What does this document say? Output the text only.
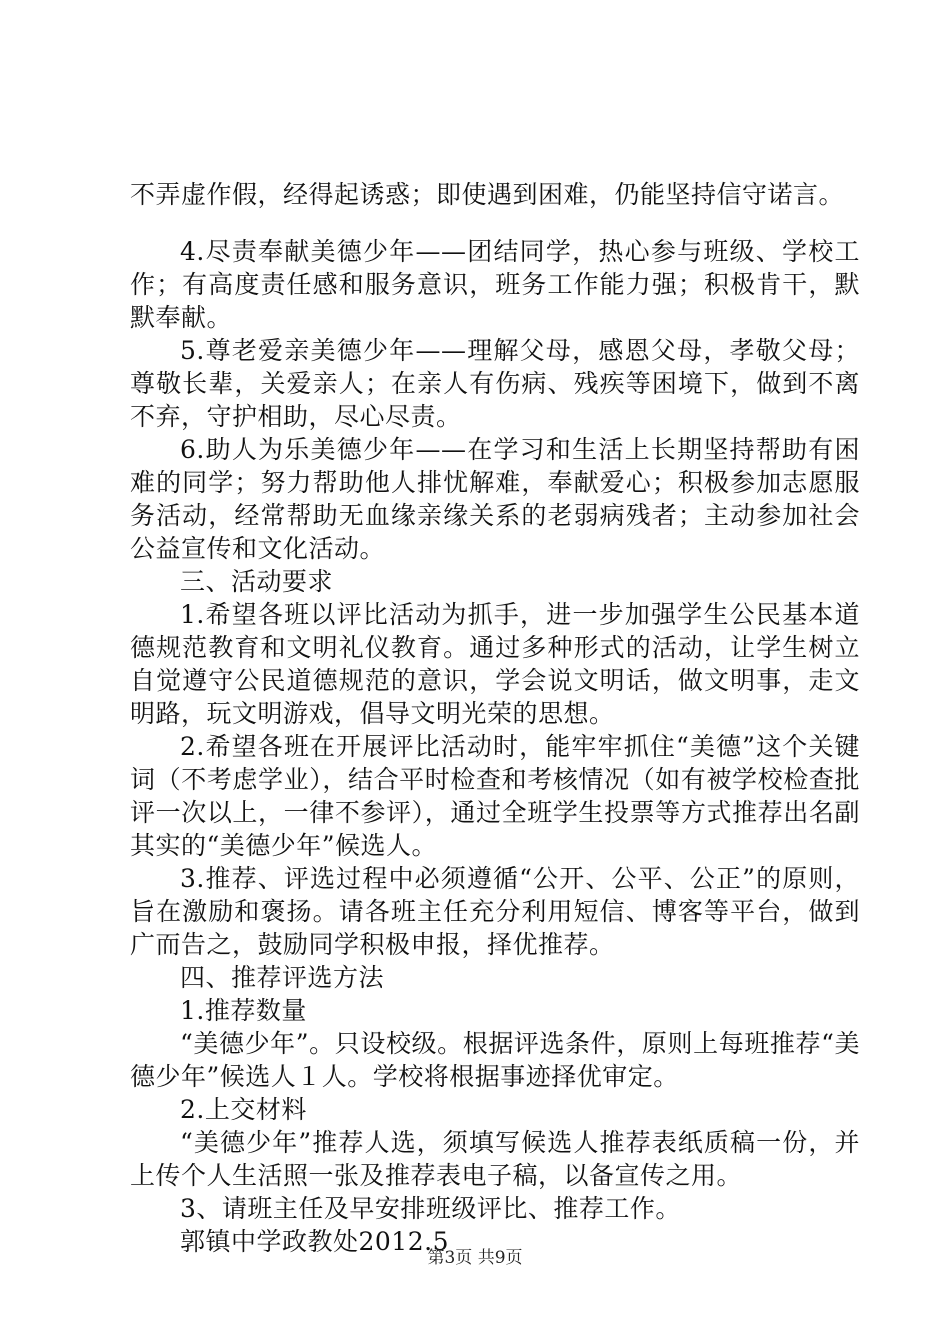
不弄虚作假，经得起诱惑；即使遇到困难，仍能坚持信守诺言。

4.尽责奉献美德少年——团结同学，热心参与班级、学校工作；有高度责任感和服务意识，班务工作能力强；积极肯干，默默奉献。

5.尊老爱亲美德少年——理解父母，感恩父母，孝敬父母；尊敬长辈，关爱亲人；在亲人有伤病、残疾等困境下，做到不离不弃，守护相助，尽心尽责。

6.助人为乐美德少年——在学习和生活上长期坚持帮助有困难的同学；努力帮助他人排忧解难，奉献爱心；积极参加志愿服务活动，经常帮助无血缘亲缘关系的老弱病残者；主动参加社会公益宣传和文化活动。

三、活动要求

1.希望各班以评比活动为抓手，进一步加强学生公民基本道德规范教育和文明礼仪教育。通过多种形式的活动，让学生树立自觉遵守公民道德规范的意识，学会说文明话，做文明事，走文明路，玩文明游戏，倡导文明光荣的思想。

2.希望各班在开展评比活动时，能牢牢抓住“美德”这个关键词（不考虑学业），结合平时检查和考核情况（如有被学校检查批评一次以上，一律不参评），通过全班学生投票等方式推荐出名副其实的“美德少年”候选人。

3.推荐、评选过程中必须遵循“公开、公平、公正”的原则，旨在激励和褒扬。请各班主任充分利用短信、博客等平台，做到广而告之，鼓励同学积极申报，择优推荐。

四、推荐评选方法

1.推荐数量

“美德少年”。只设校级。根据评选条件，原则上每班推荐“美德少年”候选人１人。学校将根据事迹择优审定。

2.上交材料

“美德少年”推荐人选，须填写候选人推荐表纸质稿一份，并上传个人生活照一张及推荐表电子稿，以备宣传之用。

3、请班主任及早安排班级评比、推荐工作。

郭镇中学政教处2012.5

第3页 共9页
